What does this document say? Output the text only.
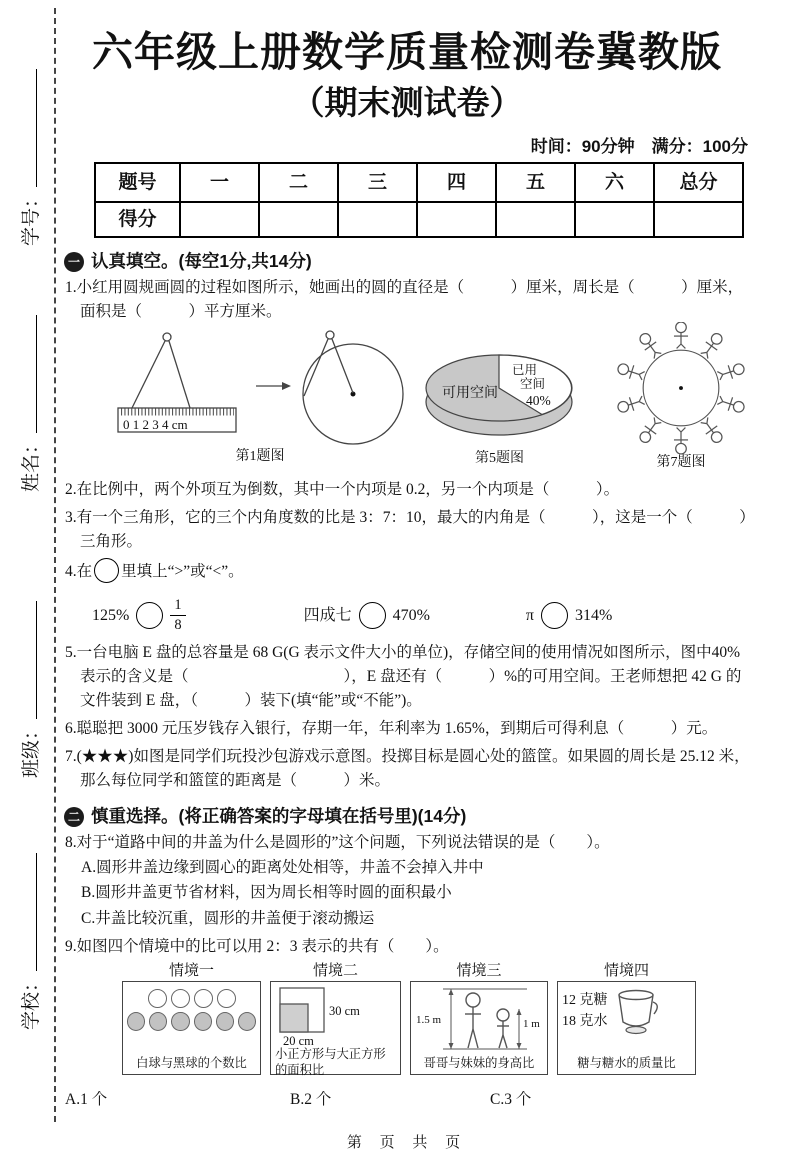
学号：
姓名：
班级：
学校：
六年级上册数学质量检测卷冀教版
（期末测试卷）
时间：90分钟　满分：100分
题号	一	二	三	四	五	六	总分
得分							
一 认真填空。(每空1分,共14分)
1.小红用圆规画圆的过程如图所示，她画出的圆的直径是（　　　）厘米，周长是（　　　）厘米，面积是（　　　）平方厘米。
0 1 2 3 4 cm
第1题图
已用
空间
40%
可用空间
第5题图	第7题图
2.在比例中，两个外项互为倒数，其中一个内项是 0.2，另一个内项是（　　　）。
3.有一个三角形，它的三个内角度数的比是 3：7：10，最大的内角是（　　　），这是一个（　　　）三角形。
4.在 里填上“>”或“<”。
125%	$\frac{1}{8}$	四成七	470%	π	314%
5.一台电脑 E 盘的总容量是 68 G(G 表示文件大小的单位)，存储空间的使用情况如图所示，图中40%表示的含义是（　　　　　　　　　　），E 盘还有（　　　）%的可用空间。王老师想把 42 G 的文件装到 E 盘，（　　　）装下(填“能”或“不能”)。
6.聪聪把 3000 元压岁钱存入银行，存期一年，年利率为 1.65%，到期后可得利息（　　　）元。
7.(★★★)如图是同学们玩投沙包游戏示意图。投掷目标是圆心处的篮筐。如果圆的周长是 25.12 米，那么每位同学和篮筐的距离是（　　　）米。
二 慎重选择。(将正确答案的字母填在括号里)(14分)
8.对于“道路中间的井盖为什么是圆形的”这个问题，下列说法错误的是（　　）。
A.圆形井盖边缘到圆心的距离处处相等，井盖不会掉入井中
B.圆形井盖更节省材料，因为周长相等时圆的面积最小
C.井盖比较沉重，圆形的井盖便于滚动搬运
9.如图四个情境中的比可以用 2：3 表示的共有（　　）。
情境一
白球与黑球的个数比
情境二
30 cm
20 cm
小正方形与大正方形的面积比
情境三
1.5 m	1 m
哥哥与妹妹的身高比
情境四
12 克糖
18 克水
糖与糖水的质量比
A.1 个	B.2 个	C.3 个
第 页 共 页
